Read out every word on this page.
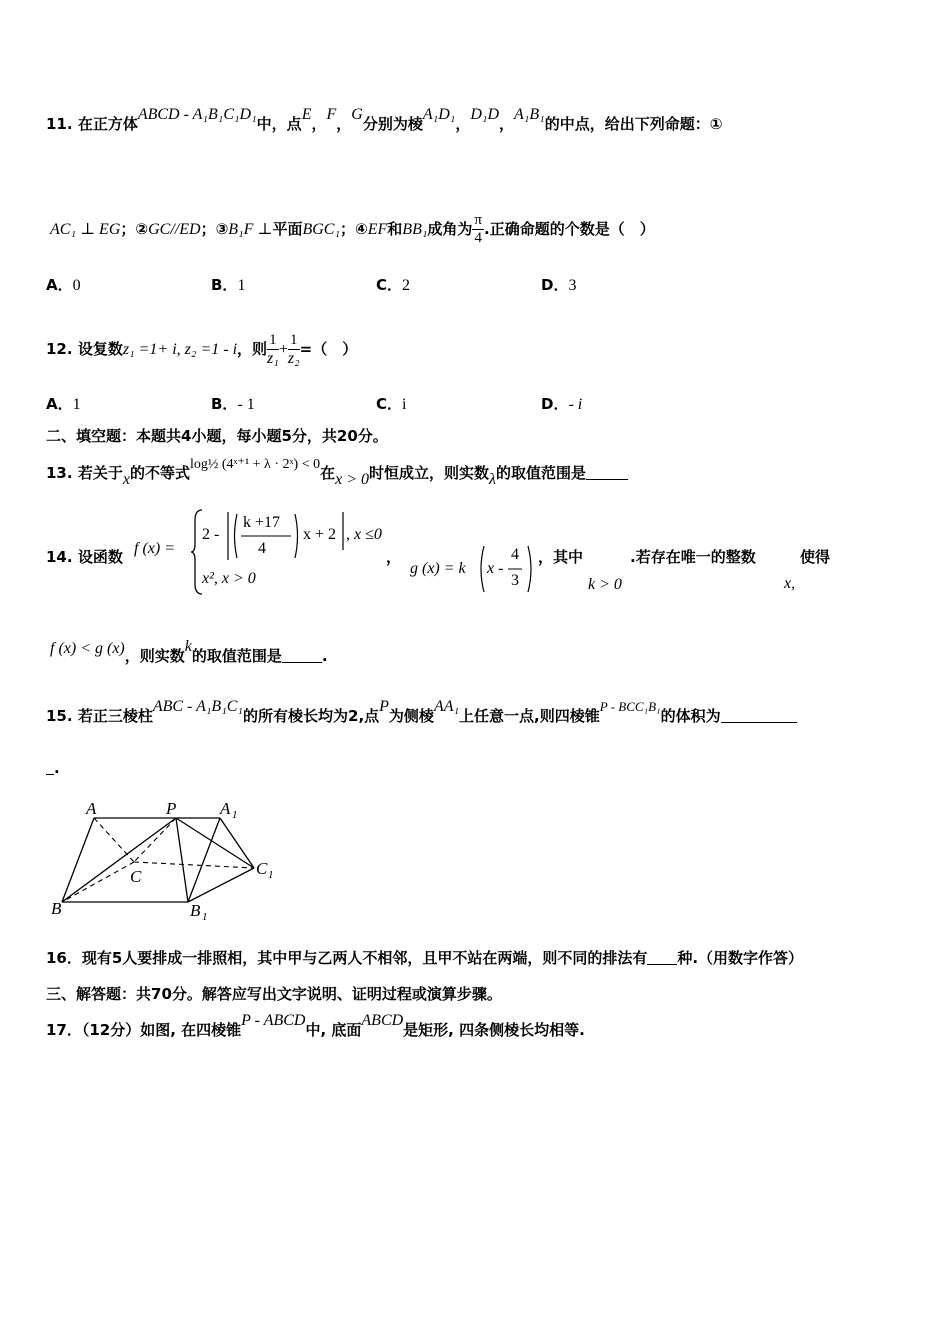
11. 在正方体ABCD - A₁B₁C₁D₁中，点E，F，G分别为棱A₁D₁，D₁D，A₁B₁的中点，给出下列命题：①
AC₁ ⊥ EG；②GC//ED；③B₁F ⊥平面BGC₁；④EF和BB₁成角为 $\frac{\pi}{4}$ .正确命题的个数是（　）
A．0	B．1	C．2	D．3
12. 设复数z₁ =1+ i, z₂ =1 - i，则 $\frac{1}{\text{z₁}} + \frac{1}{\text{z₂}}$ =（　）
A．1	B．- 1	C．i	D．- i
二、填空题：本题共4小题，每小题5分，共20分。
13. 若关于x的不等式log½ (4ˣ⁺¹ + λ · 2ˣ) < 0在x > 0时恒成立，则实数λ的取值范围是
14. 设函数 f (x) =
2 -
k +17
4
x + 2 , x ≤0
x², x > 0
，
g (x) = k x -
4
3
，其中
k > 0
.若存在唯一的整数	使得
x,
f (x) < g (x)，则实数k的取值范围是	.
15. 若正三棱柱ABC - A₁B₁C₁的所有棱长均为2,点P为侧棱AA₁上任意一点,则四棱锥P - BCC₁B₁的体积为
.
A	P	A 1
C	C 1
B	B 1
16．现有5人要排成一排照相，其中甲与乙两人不相邻，且甲不站在两端，则不同的排法有 种.（用数字作答）
三、解答题：共70分。解答应写出文字说明、证明过程或演算步骤。
17．（12分）如图, 在四棱锥P - ABCD中, 底面ABCD是矩形, 四条侧棱长均相等.
